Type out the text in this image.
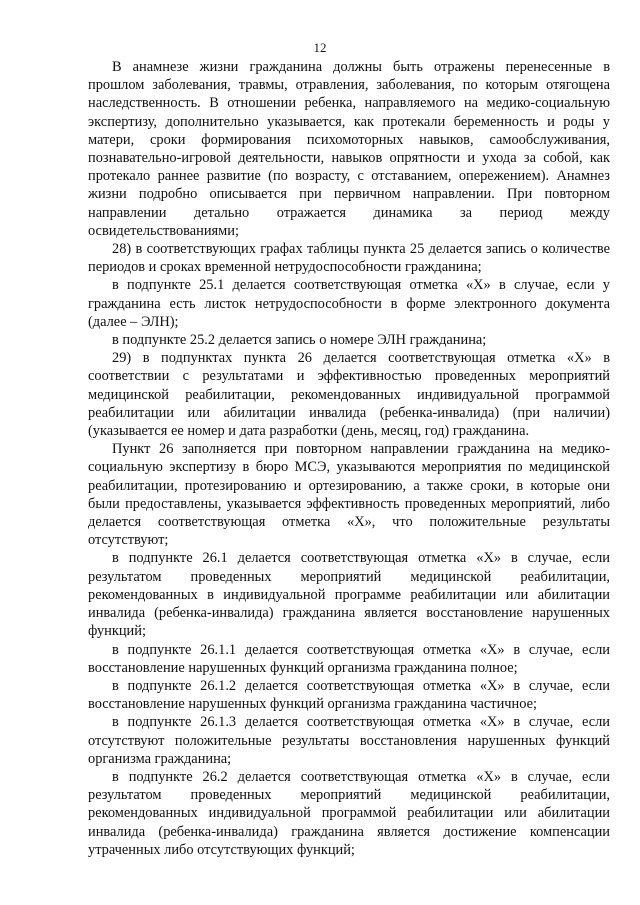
12

В анамнезе жизни гражданина должны быть отражены перенесенные в прошлом заболевания, травмы, отравления, заболевания, по которым отягощена наследственность. В отношении ребенка, направляемого на медико-социальную экспертизу, дополнительно указывается, как протекали беременность и роды у матери, сроки формирования психомоторных навыков, самообслуживания, познавательно-игровой деятельности, навыков опрятности и ухода за собой, как протекало раннее развитие (по возрасту, с отставанием, опережением). Анамнез жизни подробно описывается при первичном направлении. При повторном направлении детально отражается динамика за период между освидетельствованиями;

28) в соответствующих графах таблицы пункта 25 делается запись о количестве периодов и сроках временной нетрудоспособности гражданина;

в подпункте 25.1 делается соответствующая отметка «Х» в случае, если у гражданина есть листок нетрудоспособности в форме электронного документа (далее – ЭЛН);

в подпункте 25.2 делается запись о номере ЭЛН гражданина;

29) в подпунктах пункта 26 делается соответствующая отметка «Х» в соответствии с результатами и эффективностью проведенных мероприятий медицинской реабилитации, рекомендованных индивидуальной программой реабилитации или абилитации инвалида (ребенка-инвалида) (при наличии) (указывается ее номер и дата разработки (день, месяц, год) гражданина.

Пункт 26 заполняется при повторном направлении гражданина на медико-социальную экспертизу в бюро МСЭ, указываются мероприятия по медицинской реабилитации, протезированию и ортезированию, а также сроки, в которые они были предоставлены, указывается эффективность проведенных мероприятий, либо делается соответствующая отметка «Х», что положительные результаты отсутствуют;

в подпункте 26.1 делается соответствующая отметка «Х» в случае, если результатом проведенных мероприятий медицинской реабилитации, рекомендованных в индивидуальной программе реабилитации или абилитации инвалида (ребенка-инвалида) гражданина является восстановление нарушенных функций;

в подпункте 26.1.1 делается соответствующая отметка «Х» в случае, если восстановление нарушенных функций организма гражданина полное;

в подпункте 26.1.2 делается соответствующая отметка «Х» в случае, если восстановление нарушенных функций организма гражданина частичное;

в подпункте 26.1.3 делается соответствующая отметка «Х» в случае, если отсутствуют положительные результаты восстановления нарушенных функций организма гражданина;

в подпункте 26.2 делается соответствующая отметка «Х» в случае, если результатом проведенных мероприятий медицинской реабилитации, рекомендованных индивидуальной программой реабилитации или абилитации инвалида (ребенка-инвалида) гражданина является достижение компенсации утраченных либо отсутствующих функций;
